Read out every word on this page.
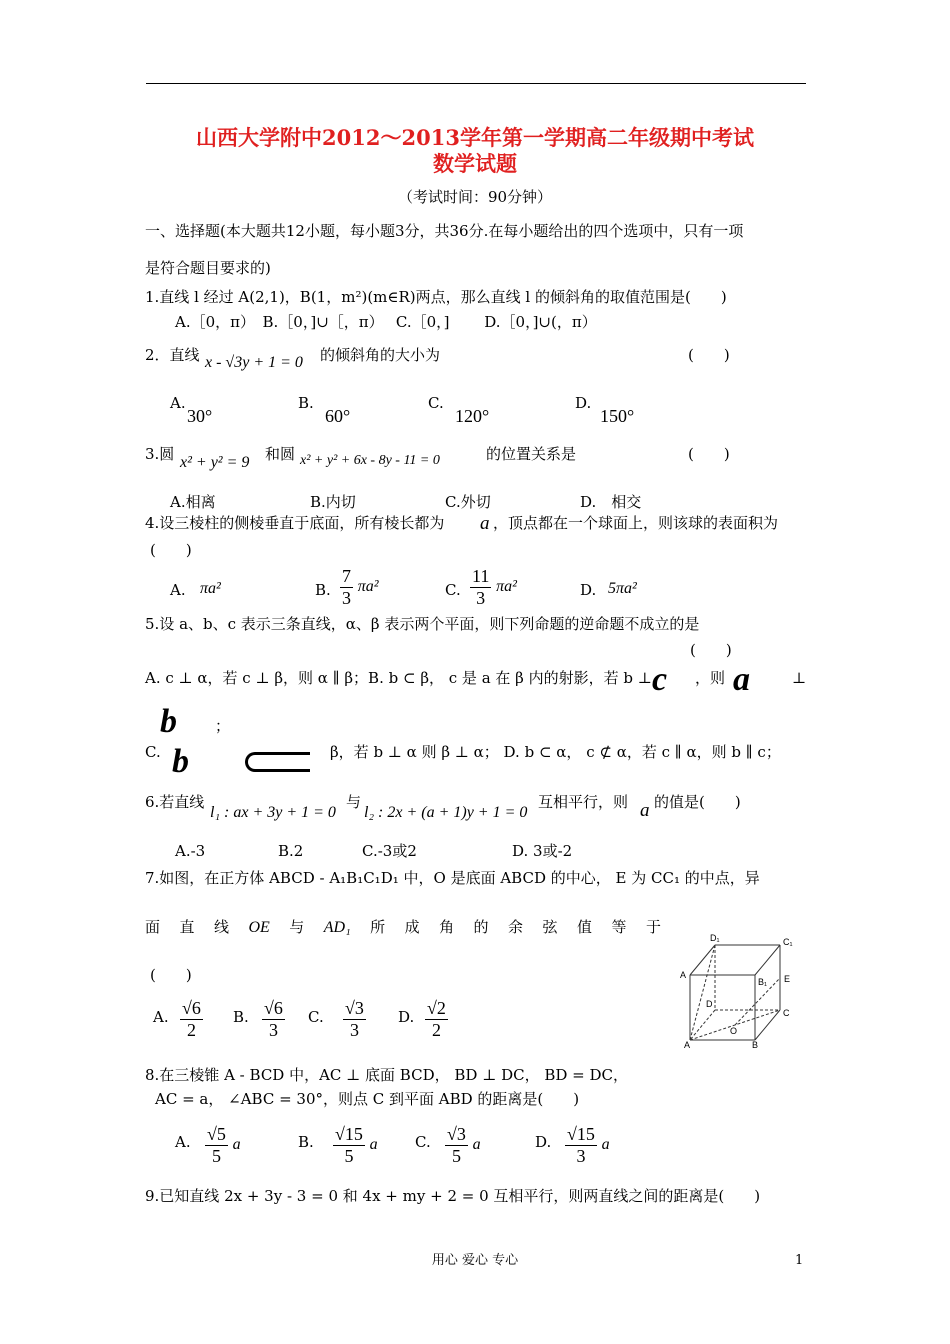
山西大学附中2012～2013学年第一学期高二年级期中考试
数学试题
（考试时间：90分钟）
一、选择题(本大题共12小题，每小题3分，共36分.在每小题给出的四个选项中，只有一项
是符合题目要求的)
1.直线 l 经过 A(2,1)，B(1，m²)(m∈R)两点，那么直线 l 的倾斜角的取值范围是(　　)
A.［0，π）　B.［0，]∪［，π）　 C.［0，]　　 D.［0，]∪(，π）
2．直线 x - √3y + 1 = 0 的倾斜角的大小为	(　　)
A.
30°
B.
60°
C.
120°
D.
150°
3.圆 x² + y² = 9 和圆 x² + y² + 6x - 8y - 11 = 0	的位置关系是	(　　)
A.相离	B.内切	C.外切	D.　相交
4.设三棱柱的侧棱垂直于底面，所有棱长都为 a ，顶点都在一个球面上，则该球的表面积为
(　　)
A. πa²	B. $\frac{7}{3} \pi a^2$	C. $\frac{11}{3} \pi a^2$	D. 5πa²
5.设 a、b、c 表示三条直线，α、β 表示两个平面，则下列命题的逆命题不成立的是
(　　)
A. c ⊥ α，若 c ⊥ β，则 α ∥ β；B. b ⊂ β， c 是 a 在 β 内的射影，若 b ⊥ c ，则 a	⊥
b	；
C. b	β，若 b ⊥ α 则 β ⊥ α； D. b ⊂ α， c ⊄ α，若 c ∥ α，则 b ∥ c；
6.若直线
l₁ : ax + 3y + 1 = 0
与
l₂ : 2x + (a + 1)y + 1 = 0
互相平行，则 a 的值是(　　)
A.-3	B.2	C.-3或2	D. 3或-2
7.如图，在正方体 ABCD - A₁B₁C₁D₁ 中，O 是底面 ABCD 的中心， E 为 CC₁ 的中点，异
面 直 线 OE 与 AD₁ 所 成 角 的 余 弦 值 等 于
(　　)
A. $\frac{√6}{2} B$. $\frac{√6}{3} C$. $\frac{√3}{3} D$. $\frac{√2}{2}$
D₁	C₁
A
B₁ E
D
C
O
A	B
8.在三棱锥 A - BCD 中，AC ⊥ 底面 BCD， BD ⊥ DC， BD = DC，
AC = a， ∠ABC = 30°，则点 C 到平面 ABD 的距离是(　　)
A. $\frac{√5}{5}$ a	B. $\frac{√15}{5}$ a C. $\frac{√3}{5}$ a	D. $\frac{√15}{3}$ a
9.已知直线 2x + 3y - 3 = 0 和 4x + my + 2 = 0 互相平行，则两直线之间的距离是(　　)
用心 爱心 专心	1
